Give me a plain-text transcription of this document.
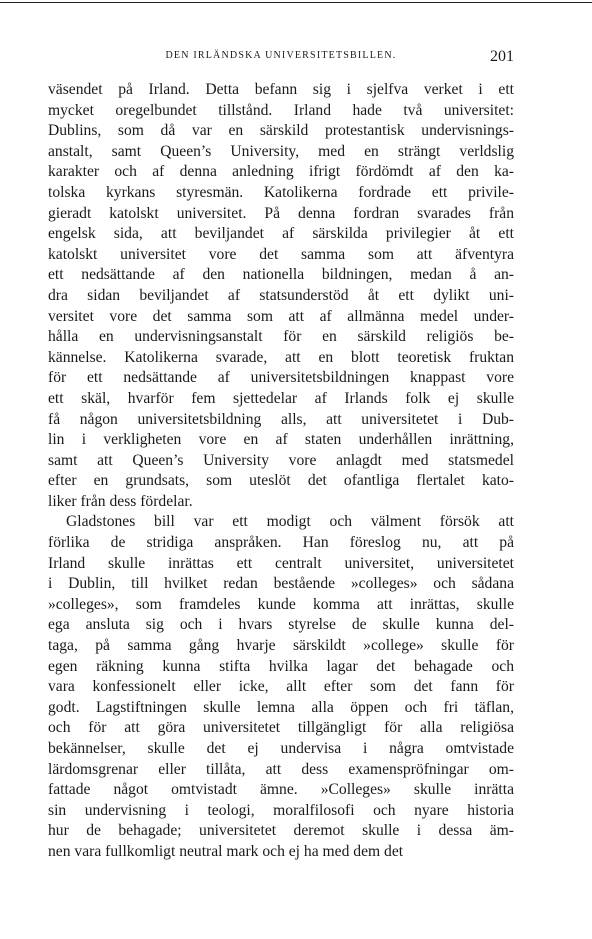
DEN IRLÄNDSKA UNIVERSITETSBILLEN.	201
väsendet på Irland. Detta befann sig i sjelfva verket i ett
mycket oregelbundet tillstånd. Irland hade två universitet:
Dublins, som då var en särskild protestantisk undervisnings-
anstalt, samt Queen’s University, med en strängt verldslig
karakter och af denna anledning ifrigt fördömdt af den ka-
tolska kyrkans styresmän. Katolikerna fordrade ett privile-
gieradt katolskt universitet. På denna fordran svarades från
engelsk sida, att beviljandet af särskilda privilegier åt ett
katolskt universitet vore det samma som att äfventyra
ett nedsättande af den nationella bildningen, medan å an-
dra sidan beviljandet af statsunderstöd åt ett dylikt uni-
versitet vore det samma som att af allmänna medel under-
hålla en undervisningsanstalt för en särskild religiös be-
kännelse. Katolikerna svarade, att en blott teoretisk fruktan
för ett nedsättande af universitetsbildningen knappast vore
ett skäl, hvarför fem sjettedelar af Irlands folk ej skulle
få någon universitetsbildning alls, att universitetet i Dub-
lin i verkligheten vore en af staten underhållen inrättning,
samt att Queen’s University vore anlagdt med statsmedel
efter en grundsats, som uteslöt det ofantliga flertalet kato-
liker från dess fördelar.
Gladstones bill var ett modigt och välment försök att
förlika de stridiga anspråken. Han föreslog nu, att på
Irland skulle inrättas ett centralt universitet, universitetet
i Dublin, till hvilket redan bestående »colleges» och sådana
»colleges», som framdeles kunde komma att inrättas, skulle
ega ansluta sig och i hvars styrelse de skulle kunna del-
taga, på samma gång hvarje särskildt »college» skulle för
egen räkning kunna stifta hvilka lagar det behagade och
vara konfessionelt eller icke, allt efter som det fann för
godt. Lagstiftningen skulle lemna alla öppen och fri täflan,
och för att göra universitetet tillgängligt för alla religiösa
bekännelser, skulle det ej undervisa i några omtvistade
lärdomsgrenar eller tillåta, att dess examenspröfningar om-
fattade något omtvistadt ämne. »Colleges» skulle inrätta
sin undervisning i teologi, moralfilosofi och nyare historia
hur de behagade; universitetet deremot skulle i dessa äm-
nen vara fullkomligt neutral mark och ej ha med dem det
